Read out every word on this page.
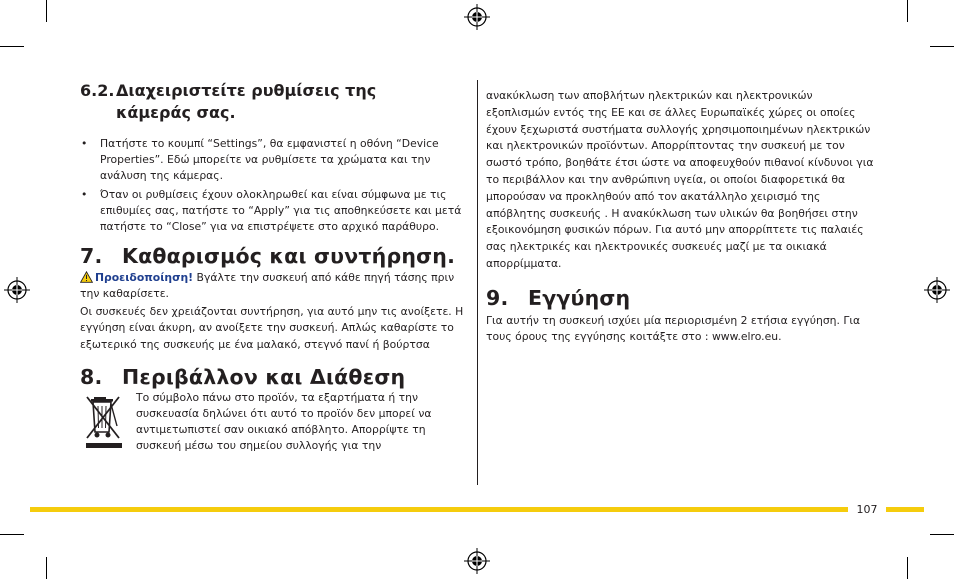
6.2.Διαχειριστείτε ρυθμίσεις της
κάμεράς σας.
• Πατήστε το κουμπί “Settings”, θα εμφανιστεί η οθόνη “Device Properties”. Εδώ μπορείτε να ρυθμίσετε τα χρώματα και την ανάλυση της κάμερας.
• Όταν οι ρυθμίσεις έχουν ολοκληρωθεί και είναι σύμφωνα με τις επιθυμίες σας, πατήστε το “Apply” για τις αποθηκεύσετε και μετά πατήστε το “Close” για να επιστρέψετε στο αρχικό παράθυρο.
7. Καθαρισμός και συντήρηση.

Προειδοποίηση! Βγάλτε την συσκευή από κάθε πηγή τάσης πριν την καθαρίσετε.

Οι συσκευές δεν χρειάζονται συντήρηση, για αυτό μην τις ανοίξετε. Η εγγύηση είναι άκυρη, αν ανοίξετε την συσκευή. Απλώς καθαρίστε το εξωτερικό της συσκευής με ένα μαλακό, στεγνό πανί ή βούρτσα

8. Περιβάλλον και Διάθεση

Το σύμβολο πάνω στο προϊόν, τα εξαρτήματα ή την συσκευασία δηλώνει ότι αυτό το προϊόν δεν μπορεί να αντιμετωπιστεί σαν οικιακό απόβλητο. Απορρίψτε τη συσκευή μέσω του σημείου συλλογής για την

ανακύκλωση των αποβλήτων ηλεκτρικών και ηλεκτρονικών εξοπλισμών εντός της ΕΕ και σε άλλες Ευρωπαϊκές χώρες οι οποίες έχουν ξεχωριστά συστήματα συλλογής χρησιμοποιημένων ηλεκτρικών και ηλεκτρονικών προϊόντων. Απορρίπτοντας την συσκευή με τον σωστό τρόπο, βοηθάτε έτσι ώστε να αποφευχθούν πιθανοί κίνδυνοι για το περιβάλλον και την ανθρώπινη υγεία, οι οποίοι διαφορετικά θα μπορούσαν να προκληθούν από τον ακατάλληλο χειρισμό της απόβλητης συσκευής . Η ανακύκλωση των υλικών θα βοηθήσει στην εξοικονόμηση φυσικών πόρων. Για αυτό μην απορρίπτετε τις παλαιές σας ηλεκτρικές και ηλεκτρονικές συσκευές μαζί με τα οικιακά απορρίμματα.

9. Εγγύηση

Για αυτήν τη συσκευή ισχύει μία περιορισμένη 2 ετήσια εγγύηση. Για τους όρους της εγγύησης κοιτάξτε στο : www.elro.eu.

107
